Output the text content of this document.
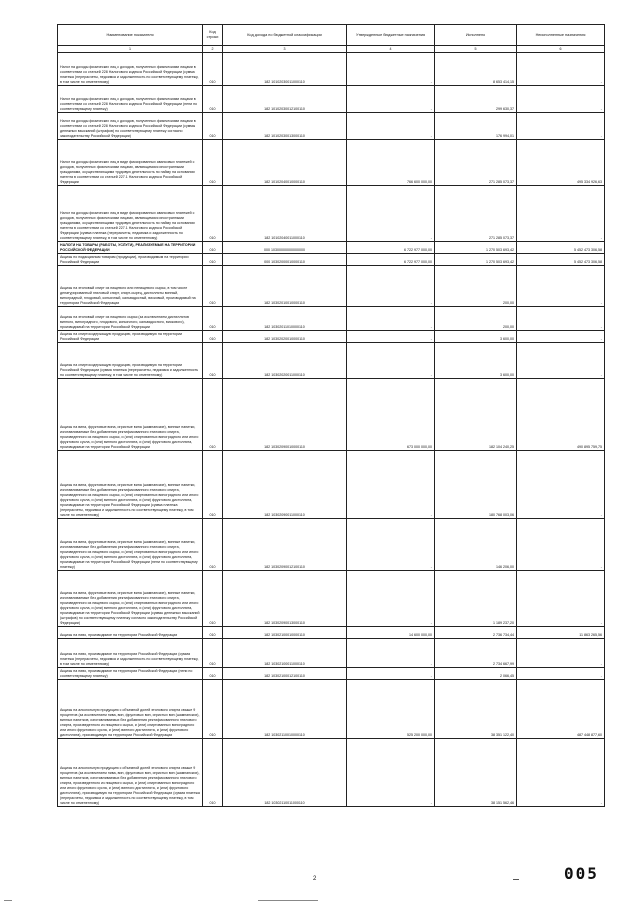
Наименование показателя	Код строки	Код дохода по бюджетной классификации	Утвержденные бюджетные назначения	Исполнено	Неисполненные назначения
1	2	3	4	5	6
Налог на доходы физических лиц с доходов, полученных физическими лицами в соответствии со статьей 228 Налогового кодекса Российской Федерации (сумма платежа (перерасчеты, недоимка и задолженность по соответствующему платежу, в том числе по отмененному)	010	182 10102030011000110	-	8 653 414,15	-
Налог на доходы физических лиц с доходов, полученных физическими лицами в соответствии со статьей 228 Налогового кодекса Российской Федерации (пени по соответствующему платежу)	010	182 10102030012100110	-	299 630,37	-
Налог на доходы физических лиц с доходов, полученных физическими лицами в соответствии со статьей 228 Налогового кодекса Российской Федерации (суммы денежных взысканий (штрафов) по соответствующему платежу согласно законодательству Российской Федерации)	010	182 10102030013000110	-	176 994,01	-
Налог на доходы физических лиц в виде фиксированных авансовых платежей с доходов, полученных физическими лицами, являющимися иностранными гражданами, осуществляющими трудовую деятельность по найму на основании патента в соответствии со статьей 227.1 Налогового кодекса Российской Федерации	010	182 10102040010000110	766 600 000,00	271 285 073,37	495 334 926,63
Налог на доходы физических лиц в виде фиксированных авансовых платежей с доходов, полученных физическими лицами, являющимися иностранными гражданами, осуществляющими трудовую деятельность по найму на основании патента в соответствии со статьей 227.1 Налогового кодекса Российской Федерации (сумма платежа (перерасчеты, недоимка и задолженность по соответствующему платежу, в том числе по отмененному)	010	182 10102040011000110	-	271 285 073,37	-
НАЛОГИ НА ТОВАРЫ (РАБОТЫ, УСЛУГИ), РЕАЛИЗУЕМЫЕ НА ТЕРРИТОРИИ РОССИЙСКОЙ ФЕДЕРАЦИИ	010	000 10300000000000000	6 722 977 000,00	1 270 503 693,42	5 452 473 306,58
Акцизы по подакцизным товарам (продукции), производимым на территории Российской Федерации	010	000 10302000010000110	6 722 977 000,00	1 270 503 693,42	5 452 473 306,58
Акцизы на этиловый спирт из пищевого или непищевого сырья, в том числе денатурированный этиловый спирт, спирт-сырец, дистилляты винный, виноградный, плодовый, коньячный, кальвадосный, висковый, производимый на территории Российской Федерации	010	182 10302010010000110	-	200,00	-
Акцизы на этиловый спирт из пищевого сырья (за исключением дистиллятов винного, виноградного, плодового, коньячного, кальвадосного, вискового), производимый на территории Российской Федерации	010	182 10302011010000110	-	200,00	-
Акцизы на спиртосодержащую продукцию, производимую на территории Российской Федерации	010	182 10302020010000110	-	3 600,00	-
Акцизы на спиртосодержащую продукцию, производимую на территории Российской Федерации (сумма платежа (перерасчеты, недоимка и задолженность по соответствующему платежу, в том числе по отмененному)	010	182 10302020011000110	-	3 600,00	-
Акцизы на вина, фруктовые вина, игристые вина (шампанские), винные напитки, изготавливаемые без добавления ректификованного этилового спирта, произведенного из пищевого сырья, и (или) спиртованных виноградного или иного фруктового сусла, и (или) винного дистиллята, и (или) фруктового дистиллята, производимые на территории Российской Федерации	010	182 10302090010000110	673 000 000,00	182 104 240,25	490 895 759,75
Акцизы на вина, фруктовые вина, игристые вина (шампанские), винные напитки, изготавливаемые без добавления ректификованного этилового спирта, произведенного из пищевого сырья, и (или) спиртованных виноградного или иного фруктового сусла, и (или) винного дистиллята, и (или) фруктового дистиллята, производимые на территории Российской Федерации (сумма платежа (перерасчеты, недоимка и задолженность по соответствующему платежу, в том числе по отмененному)	010	182 10302090011000110	-	180 768 003,06	-
Акцизы на вина, фруктовые вина, игристые вина (шампанские), винные напитки, изготавливаемые без добавления ректификованного этилового спирта, произведенного из пищевого сырья, и (или) спиртованных виноградного или иного фруктового сусла, и (или) винного дистиллята, и (или) фруктового дистиллята, производимые на территории Российской Федерации (пени по соответствующему платежу)	010	182 10302090012100110	-	146 206,00	-
Акцизы на вина, фруктовые вина, игристые вина (шампанские), винные напитки, изготавливаемые без добавления ректификованного этилового спирта, произведенного из пищевого сырья, и (или) спиртованных виноградного или иного фруктового сусла, и (или) винного дистиллята, и (или) фруктового дистиллята, производимые на территории Российской Федерации (суммы денежных взысканий (штрафов) по соответствующему платежу согласно законодательству Российской Федерации)	010	182 10302090013000110	-	1 189 237,20	-
Акцизы на пиво, производимое на территории Российской Федерации	010	182 10302100010000110	14 600 000,00	2 736 734,44	11 863 265,56
Акцизы на пиво, производимое на территории Российской Федерации (сумма платежа (перерасчеты, недоимка и задолженность по соответствующему платежу, в том числе по отмененному)	010	182 10302100011000110	-	2 734 667,99	-
Акцизы на пиво, производимое на территории Российской Федерации (пени по соответствующему платежу)	010	182 10302100012100110	-	2 066,45	-
Акцизы на алкогольную продукцию с объемной долей этилового спирта свыше 9 процентов (за исключением пива, вин, фруктовых вин, игристых вин (шампанских), винных напитков, изготавливаемых без добавления ректификованного этилового спирта, произведенного из пищевого сырья, и (или) спиртованных виноградного или иного фруктового сусла, и (или) винного дистиллята, и (или) фруктового дистиллята), производимую на территории Российской Федерации	010	182 10302110010000110	525 200 000,00	38 351 122,40	487 448 877,60
Акцизы на алкогольную продукцию с объемной долей этилового спирта свыше 9 процентов (за исключением пива, вин, фруктовых вин, игристых вин (шампанских), винных напитков, изготавливаемых без добавления ректификованного этилового спирта, произведенного из пищевого сырья, и (или) спиртованных виноградного или иного фруктового сусла, и (или) винного дистиллята, и (или) фруктового дистиллята), производимую на территории Российской Федерации (сумма платежа (перерасчеты, недоимка и задолженность по соответствующему платежу, в том числе по отмененному)	010	182 10302110011000110	-	38 151 562,46	-
2	005
